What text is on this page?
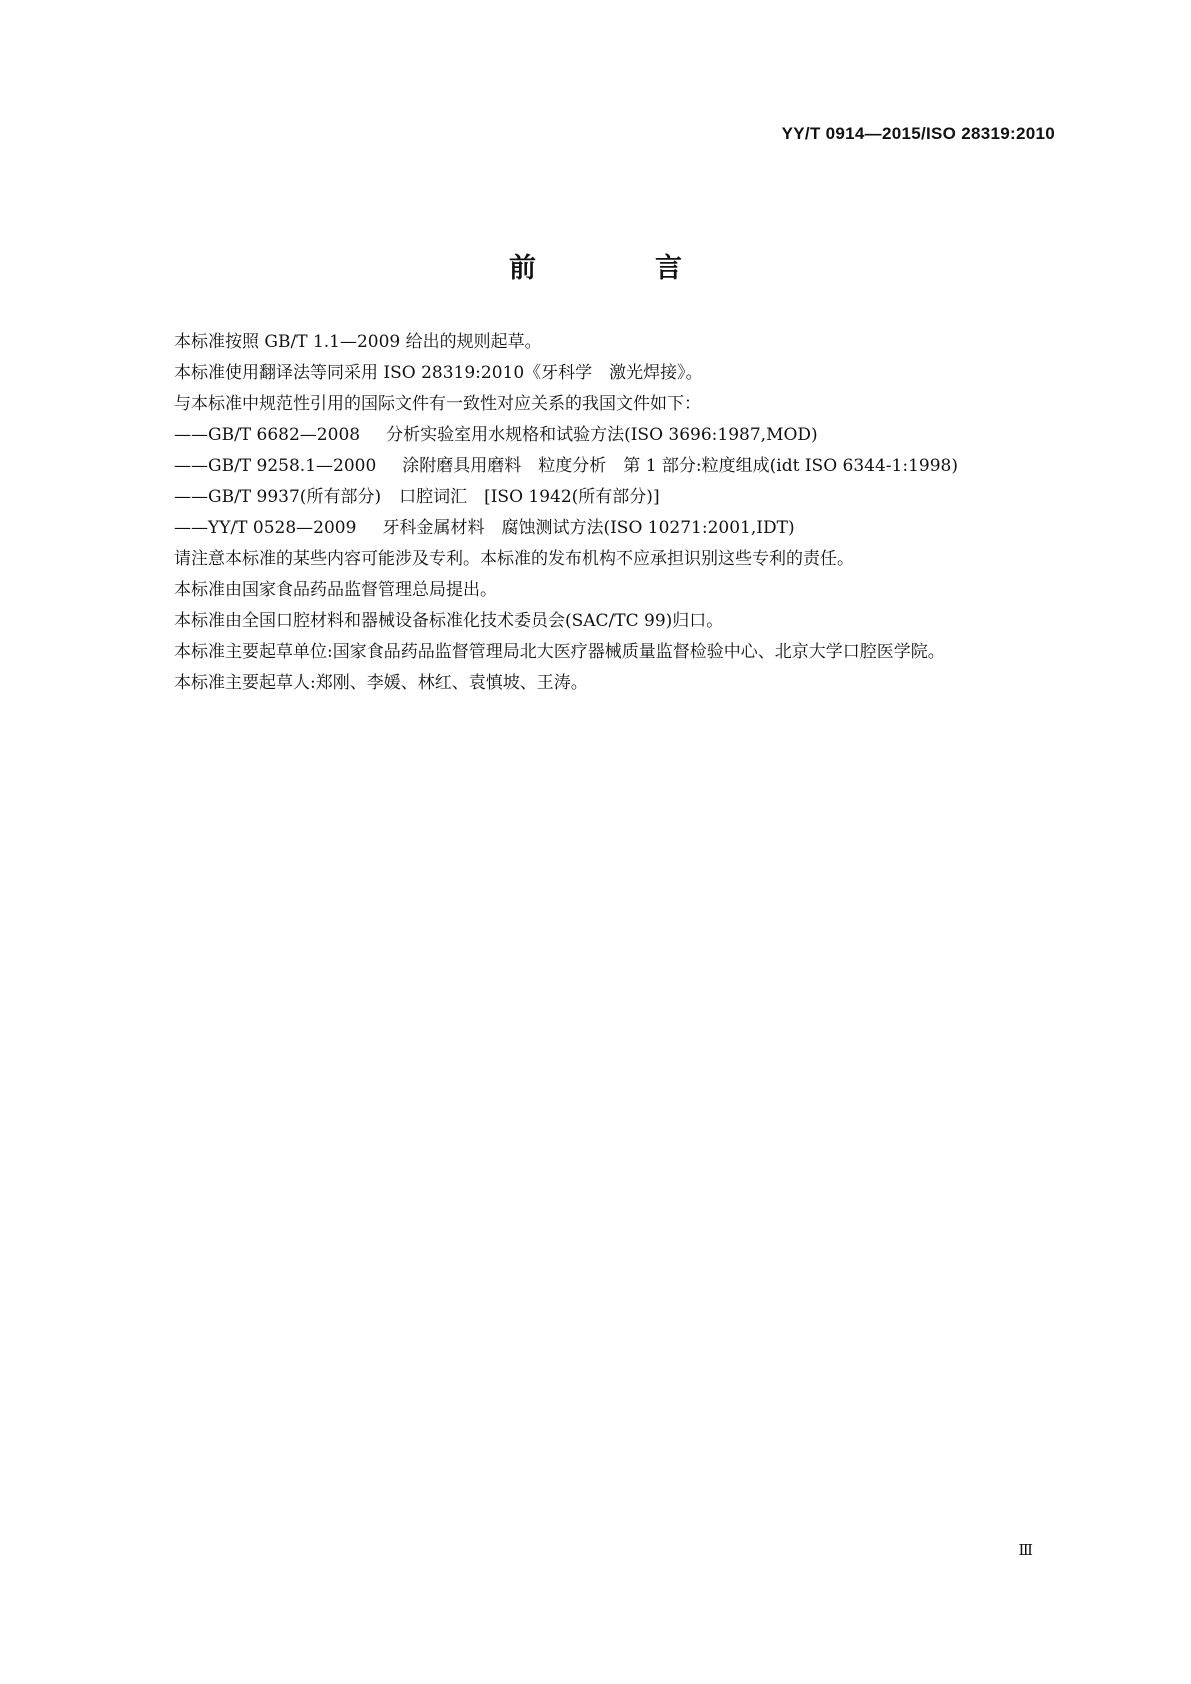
YY/T 0914—2015/ISO 28319:2010
前　言

本标准按照 GB/T 1.1—2009 给出的规则起草。

本标准使用翻译法等同采用 ISO 28319:2010《牙科学　激光焊接》。

与本标准中规范性引用的国际文件有一致性对应关系的我国文件如下：

——GB/T 6682—2008 分析实验室用水规格和试验方法(ISO 3696:1987,MOD)

——GB/T 9258.1—2000 涂附磨具用磨料　粒度分析　第 1 部分:粒度组成(idt ISO 6344-1:1998)

——GB/T 9937(所有部分) 口腔词汇　[ISO 1942(所有部分)]

——YY/T 0528—2009 牙科金属材料　腐蚀测试方法(ISO 10271:2001,IDT)

请注意本标准的某些内容可能涉及专利。本标准的发布机构不应承担识别这些专利的责任。

本标准由国家食品药品监督管理总局提出。

本标准由全国口腔材料和器械设备标准化技术委员会(SAC/TC 99)归口。

本标准主要起草单位:国家食品药品监督管理局北大医疗器械质量监督检验中心、北京大学口腔医学院。

本标准主要起草人:郑刚、李媛、林红、袁慎坡、王涛。

Ⅲ
